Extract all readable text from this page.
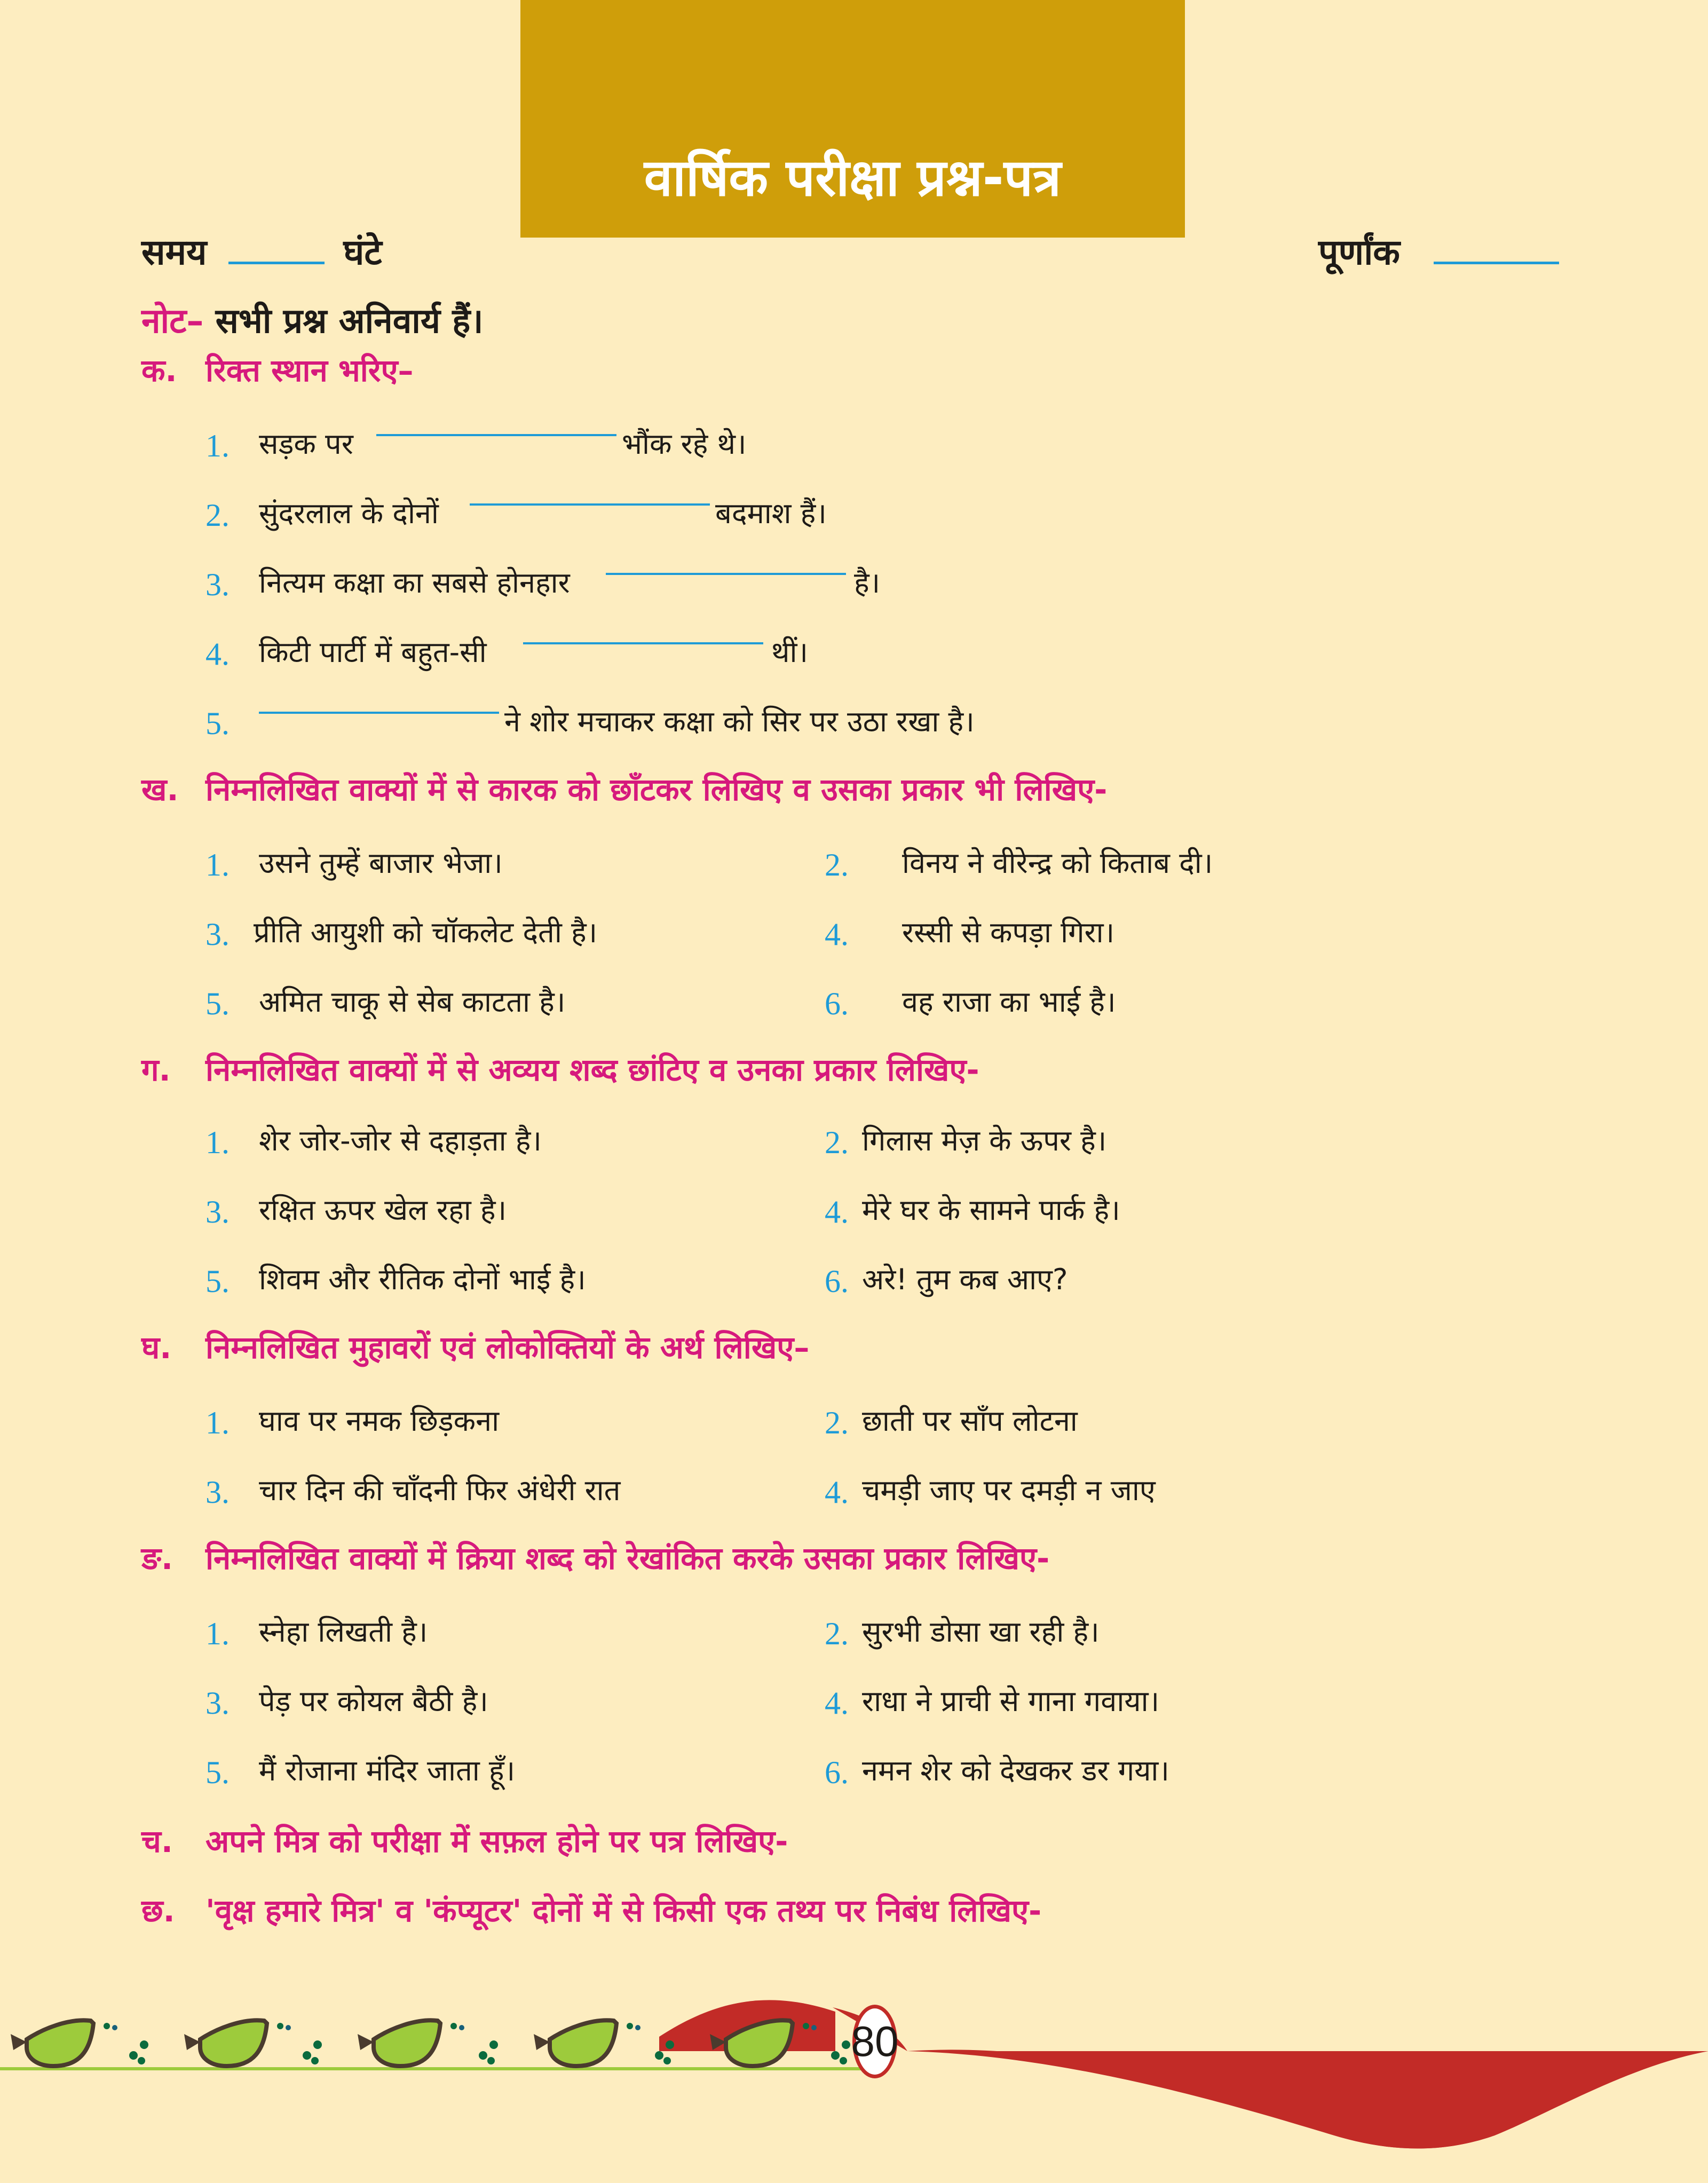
वार्षिक परीक्षा प्रश्न-पत्र
समय	घंटे	पूर्णांक
नोट– सभी प्रश्न अनिवार्य हैं।
क. रिक्त स्थान भरिए–
1. सड़क पर	भौंक रहे थे।
2. सुंदरलाल के दोनों	बदमाश हैं।
3. नित्यम कक्षा का सबसे होनहार	है।
4. किटी पार्टी में बहुत-सी	थीं।
5.	ने शोर मचाकर कक्षा को सिर पर उठा रखा है।
ख. निम्नलिखित वाक्यों में से कारक को छाँटकर लिखिए व उसका प्रकार भी लिखिए-
1. उसने तुम्हें बाजार भेजा।	2. विनय ने वीरेन्द्र को किताब दी।
3. प्रीति आयुशी को चॉकलेट देती है।	4. रस्सी से कपड़ा गिरा।
5. अमित चाकू से सेब काटता है।	6. वह राजा का भाई है।
ग. निम्नलिखित वाक्यों में से अव्यय शब्द छांटिए व उनका प्रकार लिखिए-
1. शेर जोर-जोर से दहाड़ता है।	2. गिलास मेज़ के ऊपर है।
3. रक्षित ऊपर खेल रहा है।	4. मेरे घर के सामने पार्क है।
5. शिवम और रीतिक दोनों भाई है।	6. अरे! तुम कब आए?
घ. निम्नलिखित मुहावरों एवं लोकोक्तियों के अर्थ लिखिए–
1. घाव पर नमक छिड़कना	2. छाती पर साँप लोटना
3. चार दिन की चाँदनी फिर अंधेरी रात	4. चमड़ी जाए पर दमड़ी न जाए
ङ. निम्नलिखित वाक्यों में क्रिया शब्द को रेखांकित करके उसका प्रकार लिखिए-
1. स्नेहा लिखती है।	2. सुरभी डोसा खा रही है।
3. पेड़ पर कोयल बैठी है।	4. राधा ने प्राची से गाना गवाया।
5. मैं रोजाना मंदिर जाता हूँ।	6. नमन शेर को देखकर डर गया।
च. अपने मित्र को परीक्षा में सफ़ल होने पर पत्र लिखिए-
छ. 'वृक्ष हमारे मित्र' व 'कंप्यूटर' दोनों में से किसी एक तथ्य पर निबंध लिखिए-
80
